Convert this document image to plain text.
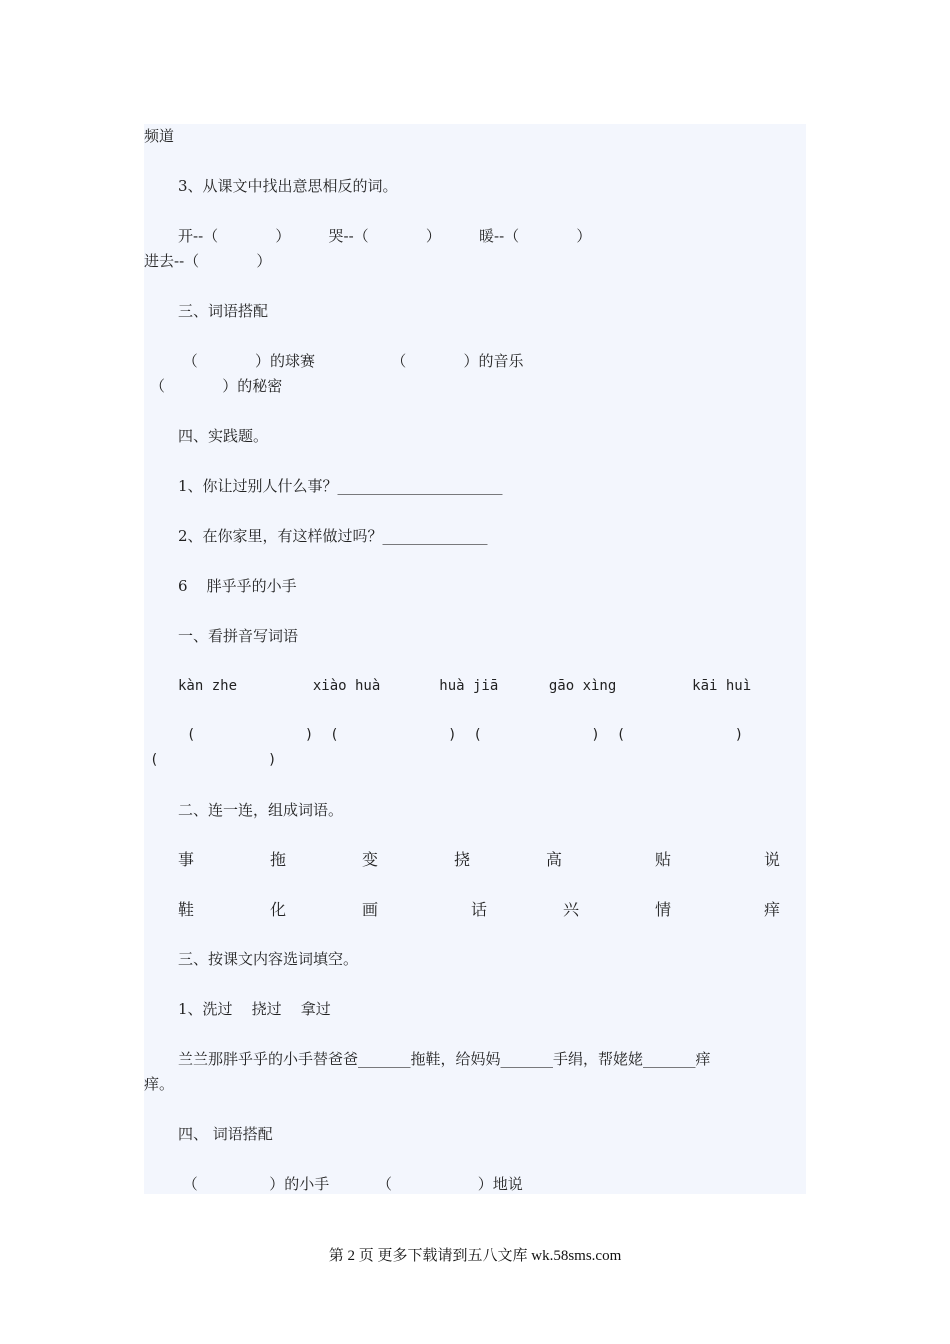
频道
3、从课文中找出意思相反的词。
开--（            ）        哭--（            ）        暖--（            ）
进去--（            ）
三、词语搭配
（            ）的球赛                （            ）的音乐
（            ）的秘密
四、实践题。
1、你让过别人什么事？______________________
2、在你家里，有这样做过吗？______________
6    胖乎乎的小手
一、看拼音写词语
kàn zhe         xiào huà       huà jiā      gāo xìng         kāi huì
(             )  (             )  (             )  (             )
(             )
二、连一连，组成词语。
事	拖	变	挠	高	贴	说
鞋	化	画	话	兴	情	痒
三、按课文内容选词填空。
1、洗过    挠过    拿过
兰兰那胖乎乎的小手替爸爸_______拖鞋，给妈妈_______手绢，帮姥姥_______痒
痒。
四、 词语搭配
（               ）的小手          （                  ）地说
第 2 页 更多下载请到五八文库 wk.58sms.com
